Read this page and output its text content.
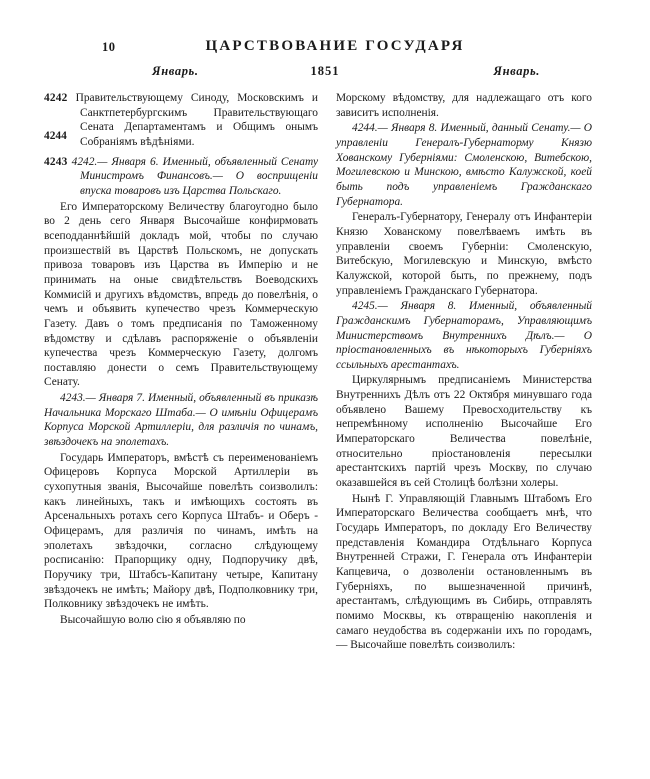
10	ЦАРСТВОВАНИЕ ГОСУДАРЯ
Январь.	1851	Январь.

4242 Правительствующему Синоду, Московскимъ и Санктпетербургскимъ Правительствующаго Сената Департаментамъ и Общимъ онымъ Собраніямъ вѣдѣніями.

4243 4242.— Января 6. Именный, объявленный Сенату Министромъ Финансовъ.— О восприщеніи впуска товаровъ изъ Царства Польскаго.

Его Императорскому Величеству благоугодно было во 2 день сего Января Высочайше конфирмовать всеподданнѣйшій докладъ мой, чтобы по случаю произшествій въ Царствѣ Польскомъ, не допускать привоза товаровъ изъ Царства въ Имперію и не принимать на оные свидѣтельствъ Воеводскихъ Коммисій и другихъ вѣдомствъ, впредь до повелѣнія, о чемъ и объявить купечество чрезъ Коммерческую Газету. Давъ о томъ предписанія по Таможенному вѣдомству и сдѣлавъ распоряженіе о объявленіи купечества чрезъ Коммерческую Газету, долгомъ поставляю донести о семъ Правительствующему Сенату.

4243.— Января 7. Именный, объявленный въ приказѣ Начальника Морскаго Штаба.— О имѣніи Офицерамъ Корпуса Морской Артиллеріи, для различія по чинамъ, звѣздочекъ на эполетахъ.

Государь Императоръ, вмѣстѣ съ переименованіемъ Офицеровъ Корпуса Морской Артиллеріи въ сухопутныя званія, Высочайше повелѣть соизволилъ: какъ линейныхъ, такъ и имѣющихъ состоять въ Арсенальныхъ ротахъ сего Корпуса Штабъ- и Оберъ - Офицерамъ, для различія по чинамъ, имѣть на эполетахъ звѣздочки, согласно слѣдующему росписанію: Прапорщику одну, Подпоручику двѣ, Поручику три, Штабсъ-Капитану четыре, Капитану звѣздочекъ не имѣть; Майору двѣ, Подполковнику три, Полковнику звѣздочекъ не имѣть.

Высочайшую волю сію я объявляю по

Морскому вѣдомству, для надлежащаго отъ кого зависитъ исполненія.

4244.— Января 8. Именный, данный Сенату.— О управленіи Генералъ-Губернаторму Князю Хованскому Губерніями: Смоленскою, Витебскою, Могилевскою и Минскою, вмѣсто Калужской, коей быть подъ управленіемъ Гражданскаго Губернатора.

Генералъ-Губернатору, Генералу отъ Инфантеріи Князю Хованскому повелѣваемъ имѣть въ управленіи своемъ Губерніи: Смоленскую, Витебскую, Могилевскую и Минскую, вмѣсто Калужской, которой быть, по прежнему, подъ управленіемъ Гражданскаго Губернатора.

4245.— Января 8. Именный, объявленный Гражданскимъ Губернаторамъ, Управляющимъ Министерствомъ Внутреннихъ Дѣлъ.— О пріостановленныхъ въ нѣкоторыхъ Губерніяхъ ссыльныхъ арестантахъ.

Циркулярнымъ предписаніемъ Министерства Внутреннихъ Дѣлъ отъ 22 Октября минувшаго года объявлено Вашему Превосходительству къ непремѣнному исполненію Высочайше Его Императорскаго Величества повелѣніе, относительно пріостановленія пересылки арестантскихъ партій чрезъ Москву, по случаю оказавшейся въ сей Столицѣ болѣзни холеры.

Нынѣ Г. Управляющій Главнымъ Штабомъ Его Императорскаго Величества сообщаетъ мнѣ, что Государь Императоръ, по докладу Его Величеству представленія Командира Отдѣльнаго Корпуса Внутренней Стражи, Г. Генерала отъ Инфантеріи Капцевича, о дозволеніи остановленнымъ въ Губерніяхъ, по вышезначенной причинѣ, арестантамъ, слѣдующимъ въ Сибирь, отправлять помимо Москвы, къ отвращенію накопленія и самаго неудобства въ содержаніи ихъ по городамъ,— Высочайше повелѣть соизволилъ:

4244
